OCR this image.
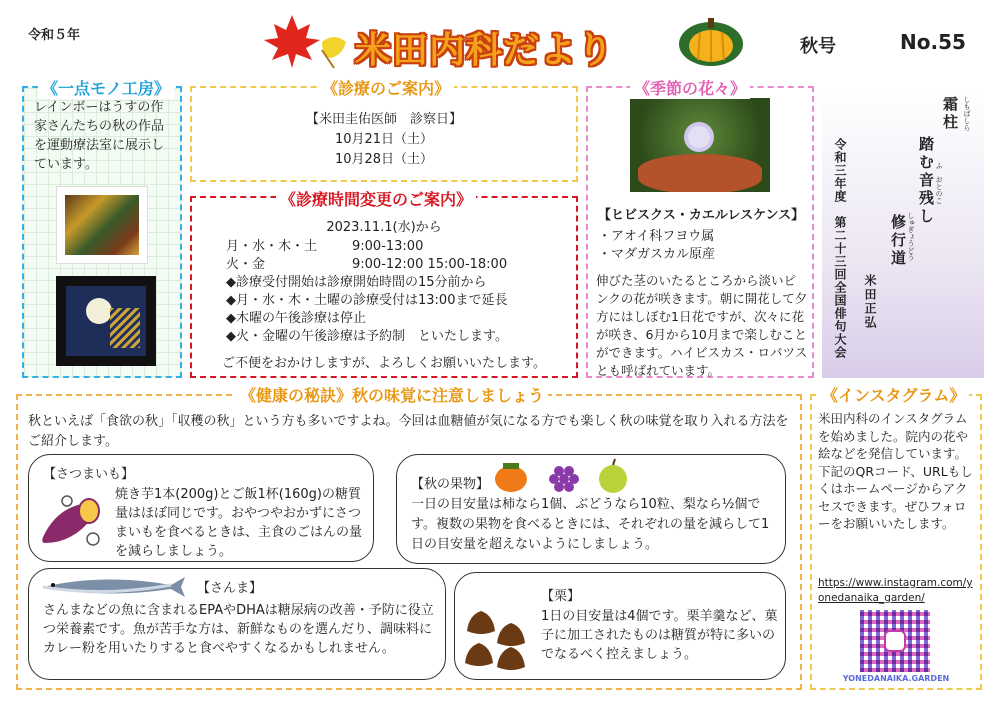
令和５年	米田内科だより	秋号	No.55
レインボーはうすの作家さんたちの秋の作品を運動療法室に展示しています。
《一点モノ工房》
【米田圭佑医師　診察日】
10月21日（土）
10月28日（土）
《診療のご案内》
2023.11.1(水)から
月・水・木・土	9:00-13:00
火・金	9:00-12:00 15:00-18:00
◆診療受付開始は診療開始時間の15分前から
◆月・水・木・土曜の診療受付は13:00まで延長
◆木曜の午後診療は停止
◆火・金曜の午後診療は予約制　といたします。
ご不便をおかけしますが、よろしくお願いいたします。
《診療時間変更のご案内》
【ヒビスクス・カエルレスケンス】
・アオイ科フヨウ属
・マダガスカル原産
伸びた茎のいたるところから淡いピンクの花が咲きます。朝に開花して夕方にはしぼむ1日花ですが、次々に花が咲き、6月から10月まで楽しむことができます。ハイビスカス・ロバツスとも呼ばれています。
《季節の花々》
霜柱 しもばしら
踏む音残し ふ　おとのこ
修行道 しゅぎょうどう
米田正弘
令和三年度　第二十三回全国俳句大会
秋といえば「食欲の秋」「収穫の秋」という方も多いですよね。今回は血糖値が気になる方でも楽しく秋の味覚を取り入れる方法をご紹介します。
【さつまいも】
焼き芋1本(200g)とご飯1杯(160g)の糖質量はほぼ同じです。おやつやおかずにさつまいもを食べるときは、主食のごはんの量を減らしましょう。
【秋の果物】
一日の目安量は柿なら1個、ぶどうなら10粒、梨なら½個です。複数の果物を食べるときには、それぞれの量を減らして1日の目安量を超えないようにしましょう。
【さんま】
さんまなどの魚に含まれるEPAやDHAは糖尿病の改善・予防に役立つ栄養素です。魚が苦手な方は、新鮮なものを選んだり、調味料にカレー粉を用いたりすると食べやすくなるかもしれません。
【栗】
1日の目安量は4個です。栗羊羹など、菓子に加工されたものは糖質が特に多いのでなるべく控えましょう。
《健康の秘訣》秋の味覚に注意しましょう
米田内科のインスタグラムを始めました。院内の花や絵などを発信しています。下記のQRコード、URLもしくはホームページからアクセスできます。ぜひフォローをお願いいたします。
https://www.instagram.com/yonedanaika_garden/
YONEDANAIKA.GARDEN
《インスタグラム》
